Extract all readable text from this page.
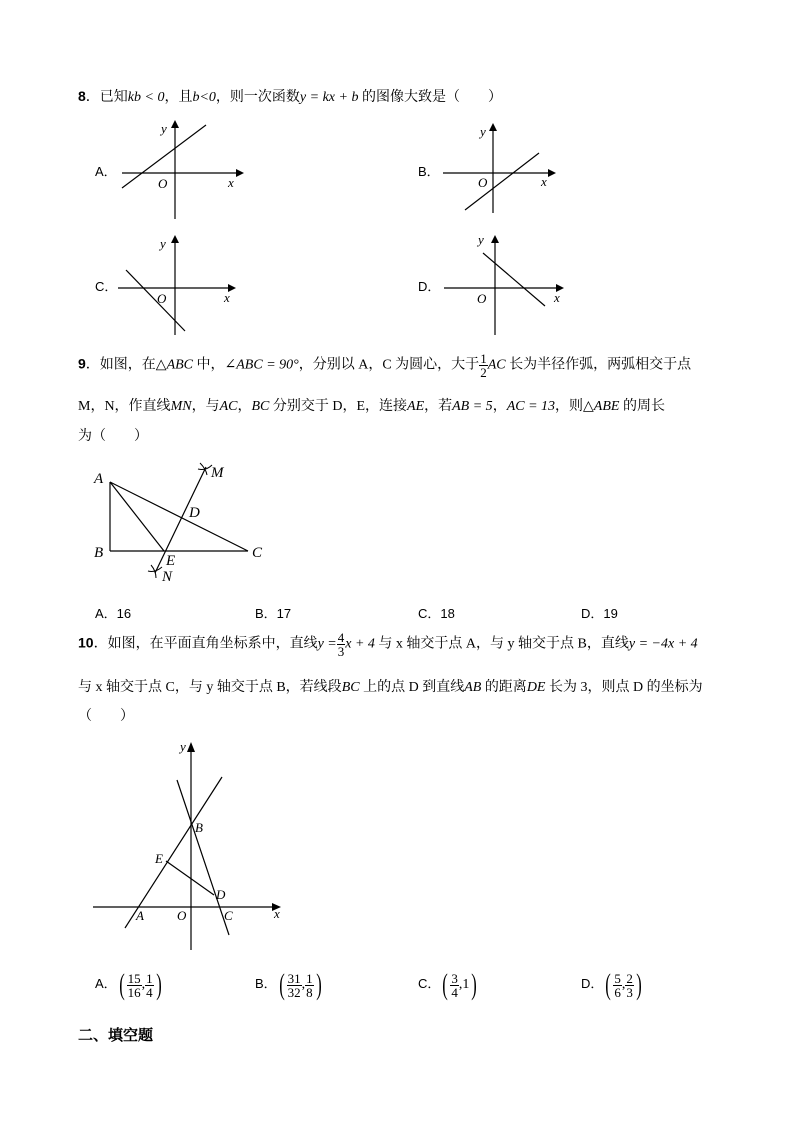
8．已知kb < 0，且b<0，则一次函数y = kx + b 的图像大致是（　　）
A．
y
x
O
B．
y
x
O
C．
y
x
O
D．
y
x
O
9．如图，在△ABC 中，∠ABC = 90°，分别以 A，C 为圆心，大于 $\frac{1}{2}$ AC 长为半径作弧，两弧相交于点
M，N，作直线MN，与AC，BC 分别交于 D，E，连接AE，若AB = 5，AC = 13，则△ABE 的周长
为（　　）
A
B	C
D
E
M
N
A．16	B．17	C．18	D．19
10．如图，在平面直角坐标系中，直线$y = \frac{4}{3}$ x + 4 与 x 轴交于点 A，与 y 轴交于点 B，直线y = −4x + 4
与 x 轴交于点 C，与 y 轴交于点 B，若线段BC 上的点 D 到直线AB 的距离DE 长为 3，则点 D 的坐标为
（　　）
y
x
O
A
B
C
D
E
A．( $\frac{15}{16}$ , $\frac{1}{4}$ )	B．( $\frac{31}{32}$ , $\frac{1}{8}$ )	C．( $\frac{3}{4} ,1$)	D．( $\frac{5}{6}$ , $\frac{2}{3}$ )
二、填空题
